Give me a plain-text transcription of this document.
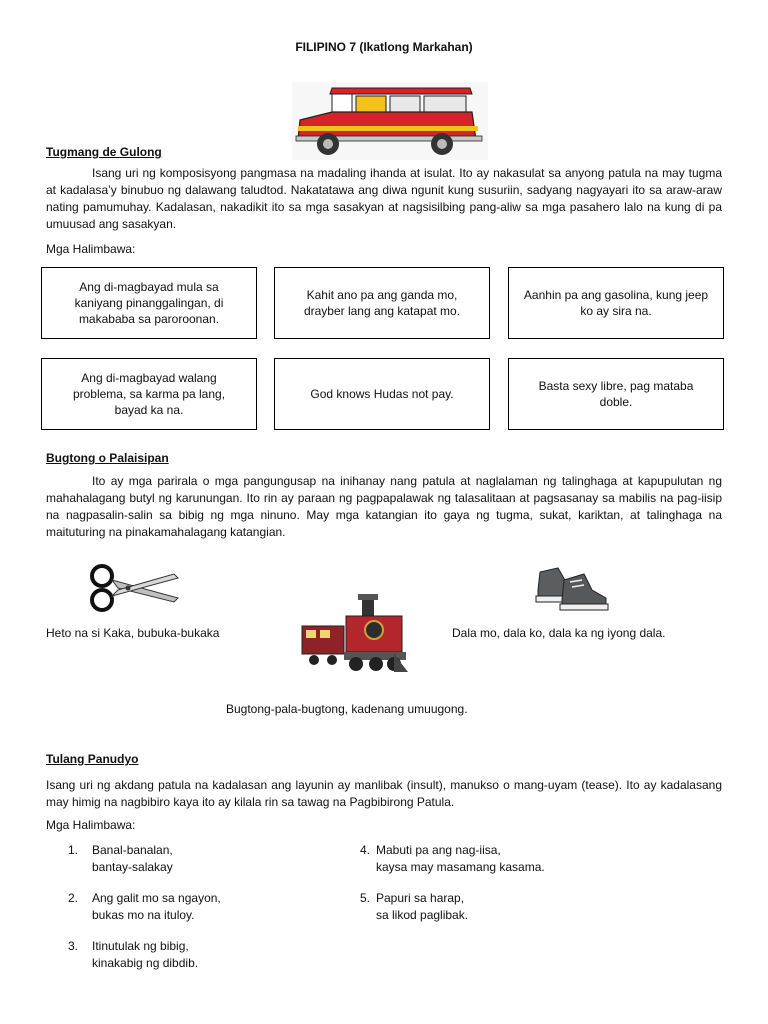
FILIPINO 7 (Ikatlong Markahan)
Tugmang de Gulong
Isang uri ng komposisyong pangmasa na madaling ihanda at isulat. Ito ay nakasulat sa anyong patula na may tugma at kadalasa’y binubuo ng dalawang taludtod. Nakatatawa ang diwa ngunit kung susuriin, sadyang nagyayari ito sa araw-araw nating pamumuhay. Kadalasan, nakadikit ito sa mga sasakyan at nagsisilbing pang-aliw sa mga pasahero lalo na kung di pa umuusad ang sasakyan.
Mga Halimbawa:
Ang di-magbayad mula sa kaniyang pinanggalingan, di makababa sa paroroonan.
Kahit ano pa ang ganda mo, drayber lang ang katapat mo.
Aanhin pa ang gasolina, kung jeep ko ay sira na.
Ang di-magbayad walang problema, sa karma pa lang, bayad ka na.
God knows Hudas not pay.
Basta sexy libre, pag mataba doble.
Bugtong o Palaisipan
Ito ay mga parirala o mga pangungusap na inihanay nang patula at naglalaman ng talinghaga at kapupulutan ng mahahalagang butyl ng karunungan. Ito rin ay paraan ng pagpapalawak ng talasalitaan at pagsasanay sa mabilis na pag-iisip na nagpasalin-salin sa bibig ng mga ninuno. May mga katangian ito gaya ng tugma, sukat, kariktan, at talinghaga na maituturing na pinakamahalagang katangian.
Heto na si Kaka, bubuka-bukaka	Dala mo, dala ko, dala ka ng iyong dala.
Bugtong-pala-bugtong, kadenang umuugong.
Tulang Panudyo
Isang uri ng akdang patula na kadalasan ang layunin ay manlibak (insult), manukso o mang-uyam (tease). Ito ay kadalasang may himig na nagbibiro kaya ito ay kilala rin sa tawag na Pagbibirong Patula.
Mga Halimbawa:
1.	Banal-banalan,
bantay-salakay
2.	Ang galit mo sa ngayon,
bukas mo na ituloy.
3.	Itinutulak ng bibig,
kinakabig ng dibdib.
4. Mabuti pa ang nag-iisa,
kaysa may masamang kasama.
5. Papuri sa harap,
sa likod paglibak.
